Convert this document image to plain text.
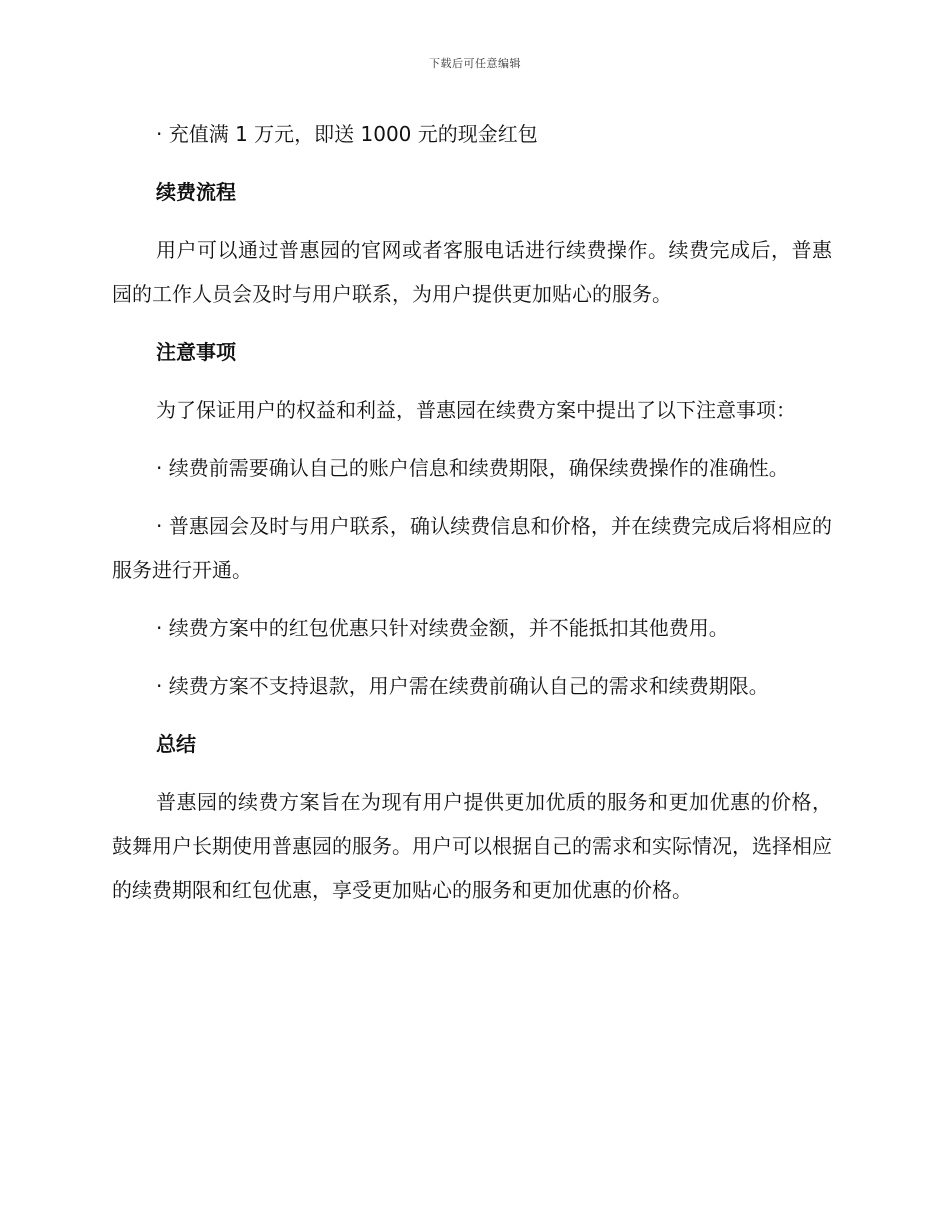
下载后可任意编辑

· 充值满 1 万元，即送 1000 元的现金红包

续费流程

用户可以通过普惠园的官网或者客服电话进行续费操作。续费完成后，普惠园的工作人员会及时与用户联系，为用户提供更加贴心的服务。

注意事项

为了保证用户的权益和利益，普惠园在续费方案中提出了以下注意事项：

· 续费前需要确认自己的账户信息和续费期限，确保续费操作的准确性。

· 普惠园会及时与用户联系，确认续费信息和价格，并在续费完成后将相应的服务进行开通。

· 续费方案中的红包优惠只针对续费金额，并不能抵扣其他费用。

· 续费方案不支持退款，用户需在续费前确认自己的需求和续费期限。

总结

普惠园的续费方案旨在为现有用户提供更加优质的服务和更加优惠的价格，鼓舞用户长期使用普惠园的服务。用户可以根据自己的需求和实际情况，选择相应的续费期限和红包优惠，享受更加贴心的服务和更加优惠的价格。
